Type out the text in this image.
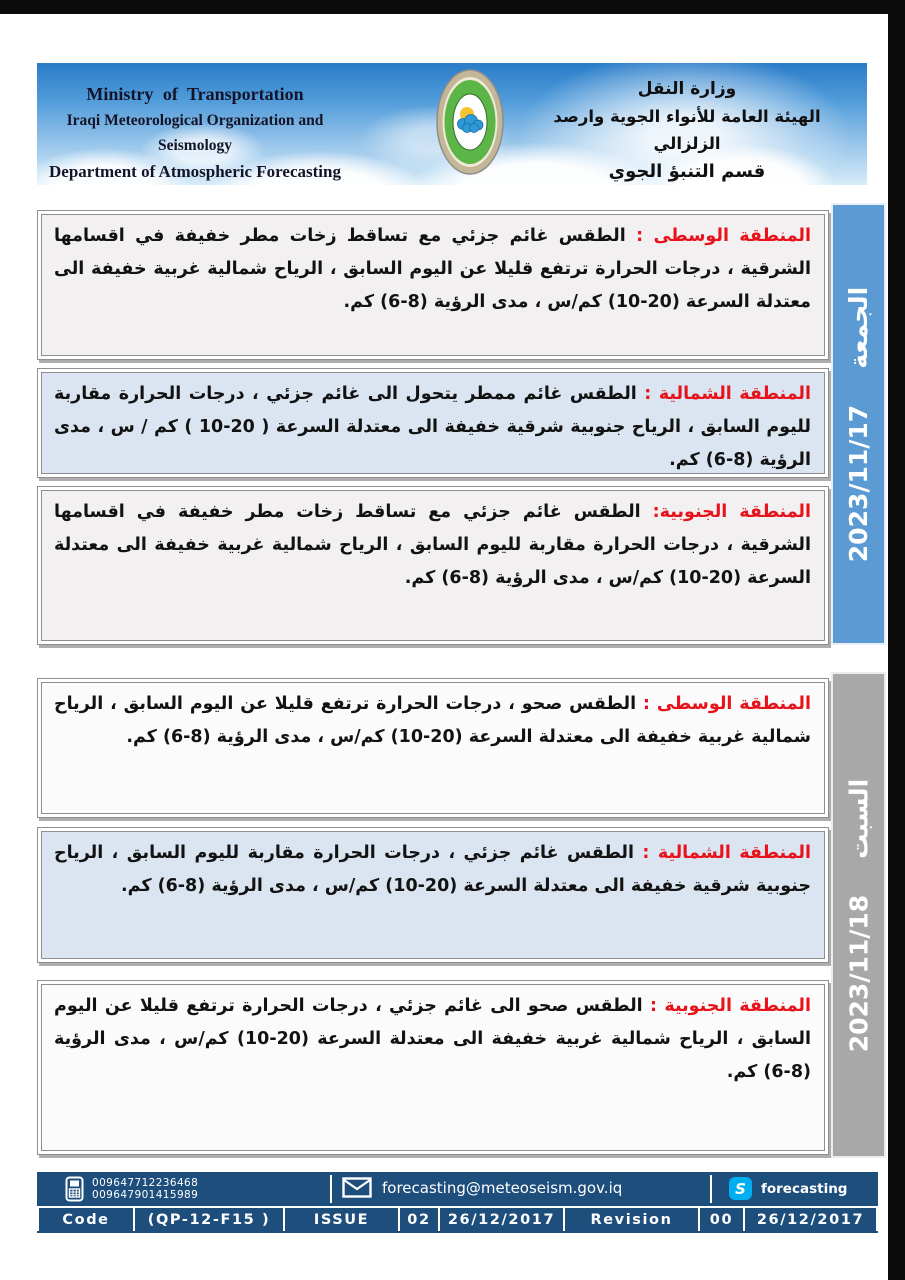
Ministry of Transportation
Iraqi Meteorological Organization and Seismology
Department of Atmospheric Forecasting
وزارة النقل
الهيئة العامة للأنواء الجوية وارصد الزلزالي
قسم التنبؤ الجوي

المنطقة الوسطى : الطقس غائم جزئي مع تساقط زخات مطر خفيفة في اقسامها الشرقية ، درجات الحرارة ترتفع قليلا عن اليوم السابق ، الرياح شمالية غربية خفيفة الى معتدلة السرعة (20-10) كم/س ، مدى الرؤية (8-6) كم.

المنطقة الشمالية : الطقس غائم ممطر يتحول الى غائم جزئي ، درجات الحرارة مقاربة لليوم السابق ، الرياح جنوبية شرقية خفيفة الى معتدلة السرعة ( 20-10 ) كم / س ، مدى الرؤية (8-6) كم.

المنطقة الجنوبية: الطقس غائم جزئي مع تساقط زخات مطر خفيفة في اقسامها الشرقية ، درجات الحرارة مقاربة لليوم السابق ، الرياح شمالية غربية خفيفة الى معتدلة السرعة (20-10) كم/س ، مدى الرؤية (8-6) كم.

المنطقة الوسطى : الطقس صحو ، درجات الحرارة ترتفع قليلا عن اليوم السابق ، الرياح شمالية غربية خفيفة الى معتدلة السرعة (20-10) كم/س ، مدى الرؤية (8-6) كم.

المنطقة الشمالية : الطقس غائم جزئي ، درجات الحرارة مقاربة لليوم السابق ، الرياح جنوبية شرقية خفيفة الى معتدلة السرعة (20-10) كم/س ، مدى الرؤية (8-6) كم.

المنطقة الجنوبية : الطقس صحو الى غائم جزئي ، درجات الحرارة ترتفع قليلا عن اليوم السابق ، الرياح شمالية غربية خفيفة الى معتدلة السرعة (20-10) كم/س ، مدى الرؤية (8-6) كم.

الجمعة2023/11/17
السبت2023/11/18
009647712236468
009647901415989	forecasting@meteoseism.gov.iq	S	forecasting
Code	(QP-12-F15 )	ISSUE	02	26/12/2017	Revision	00	26/12/2017
